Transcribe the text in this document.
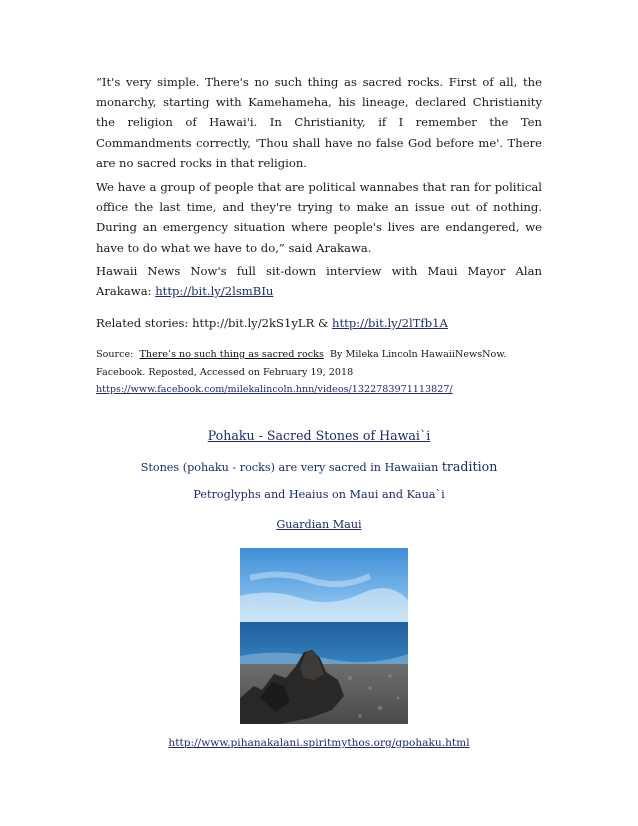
“It's very simple. There's no such thing as sacred rocks. First of all, the monarchy, starting with Kamehameha, his lineage, declared Christianity the religion of Hawai'i. In Christianity, if I remember the Ten Commandments correctly, 'Thou shall have no false God before me'. There are no sacred rocks in that religion.

We have a group of people that are political wannabes that ran for political office the last time, and they're trying to make an issue out of nothing. During an emergency situation where people's lives are endangered, we have to do what we have to do,” said Arakawa.

Hawaii News Now's full sit-down interview with Maui Mayor Alan Arakawa: http://bit.ly/2lsmBIu

Related stories: http://bit.ly/2kS1yLR & http://bit.ly/2lTfb1A

Source: There’s no such thing as sacred rocks By Mileka Lincoln HawaiiNewsNow.
Facebook. Reposted, Accessed on February 19, 2018
https://www.facebook.com/milekalincoln.hnn/videos/1322783971113827/

Pohaku - Sacred Stones of Hawai`i

Stones (pohaku - rocks) are very sacred in Hawaiian tradition

Petroglyphs and Heaius on Maui and Kaua`i

Guardian Maui

http://www.pihanakalani.spiritmythos.org/gpohaku.html
